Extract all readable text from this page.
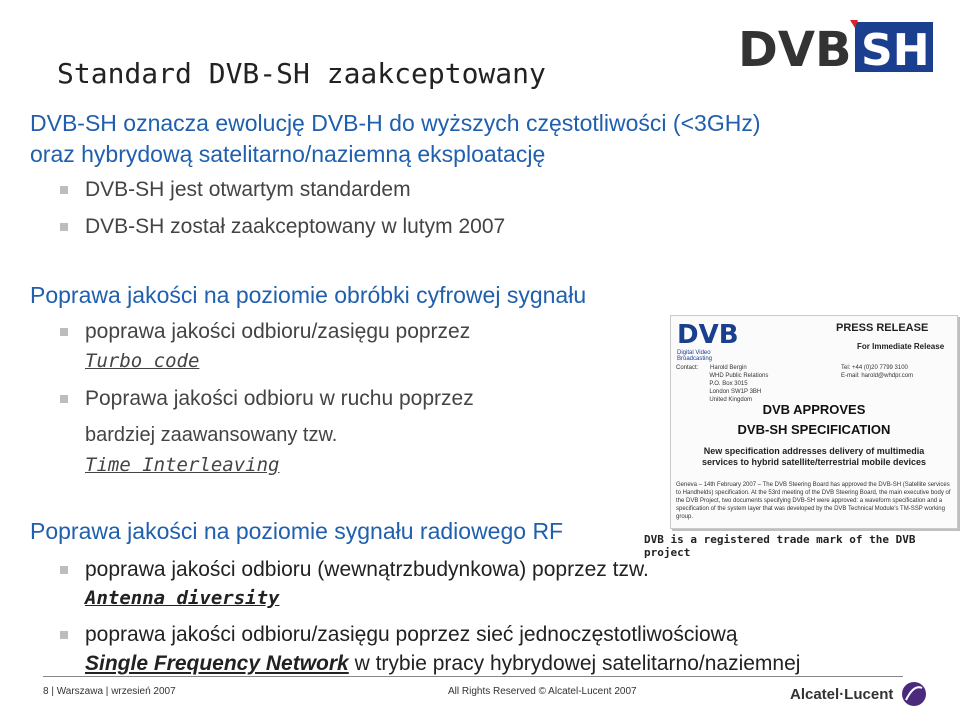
Standard DVB-SH zaakceptowany	DVB SH
DVB-SH oznacza ewolucję DVB-H do wyższych częstotliwości (<3GHz)
oraz hybrydową satelitarno/naziemną eksploatację
DVB-SH jest otwartym standardem
DVB-SH został zaakceptowany w lutym 2007
Poprawa jakości na poziomie obróbki cyfrowej sygnału
poprawa jakości odbioru/zasięgu poprzez
Turbo code
Poprawa jakości odbioru w ruchu poprzez
bardziej zaawansowany tzw.
Time Interleaving
DVB
Digital Video Broadcasting
PRESS RELEASE
For Immediate Release
Contact: Harold Bergin
WHD Public Relations
P.O. Box 3015
London SW1P 3BH
United Kingdom
Tel: +44 (0)20 7799 3100
E-mail: harold@whdpr.com
DVB APPROVES
DVB-SH SPECIFICATION
New specification addresses delivery of multimedia
services to hybrid satellite/terrestrial mobile devices
Geneva – 14th February 2007 – The DVB Steering Board has approved the DVB-SH (Satellite services to Handhelds) specification. At the 53rd meeting of the DVB Steering Board, the main executive body of the DVB Project, two documents specifying DVB-SH were approved: a waveform specification and a specification of the system layer that was developed by the DVB Technical Module's TM-SSP working group.
Poprawa jakości na poziomie sygnału radiowego RF	DVB is a registered trade mark of the DVB project
poprawa jakości odbioru (wewnątrzbudynkowa) poprzez tzw.
Antenna diversity
poprawa jakości odbioru/zasięgu poprzez sieć jednoczęstotliwościową
Single Frequency Network w trybie pracy hybrydowej satelitarno/naziemnej
8 | Warszawa | wrzesień 2007	All Rights Reserved © Alcatel-Lucent 2007	Alcatel·Lucent
